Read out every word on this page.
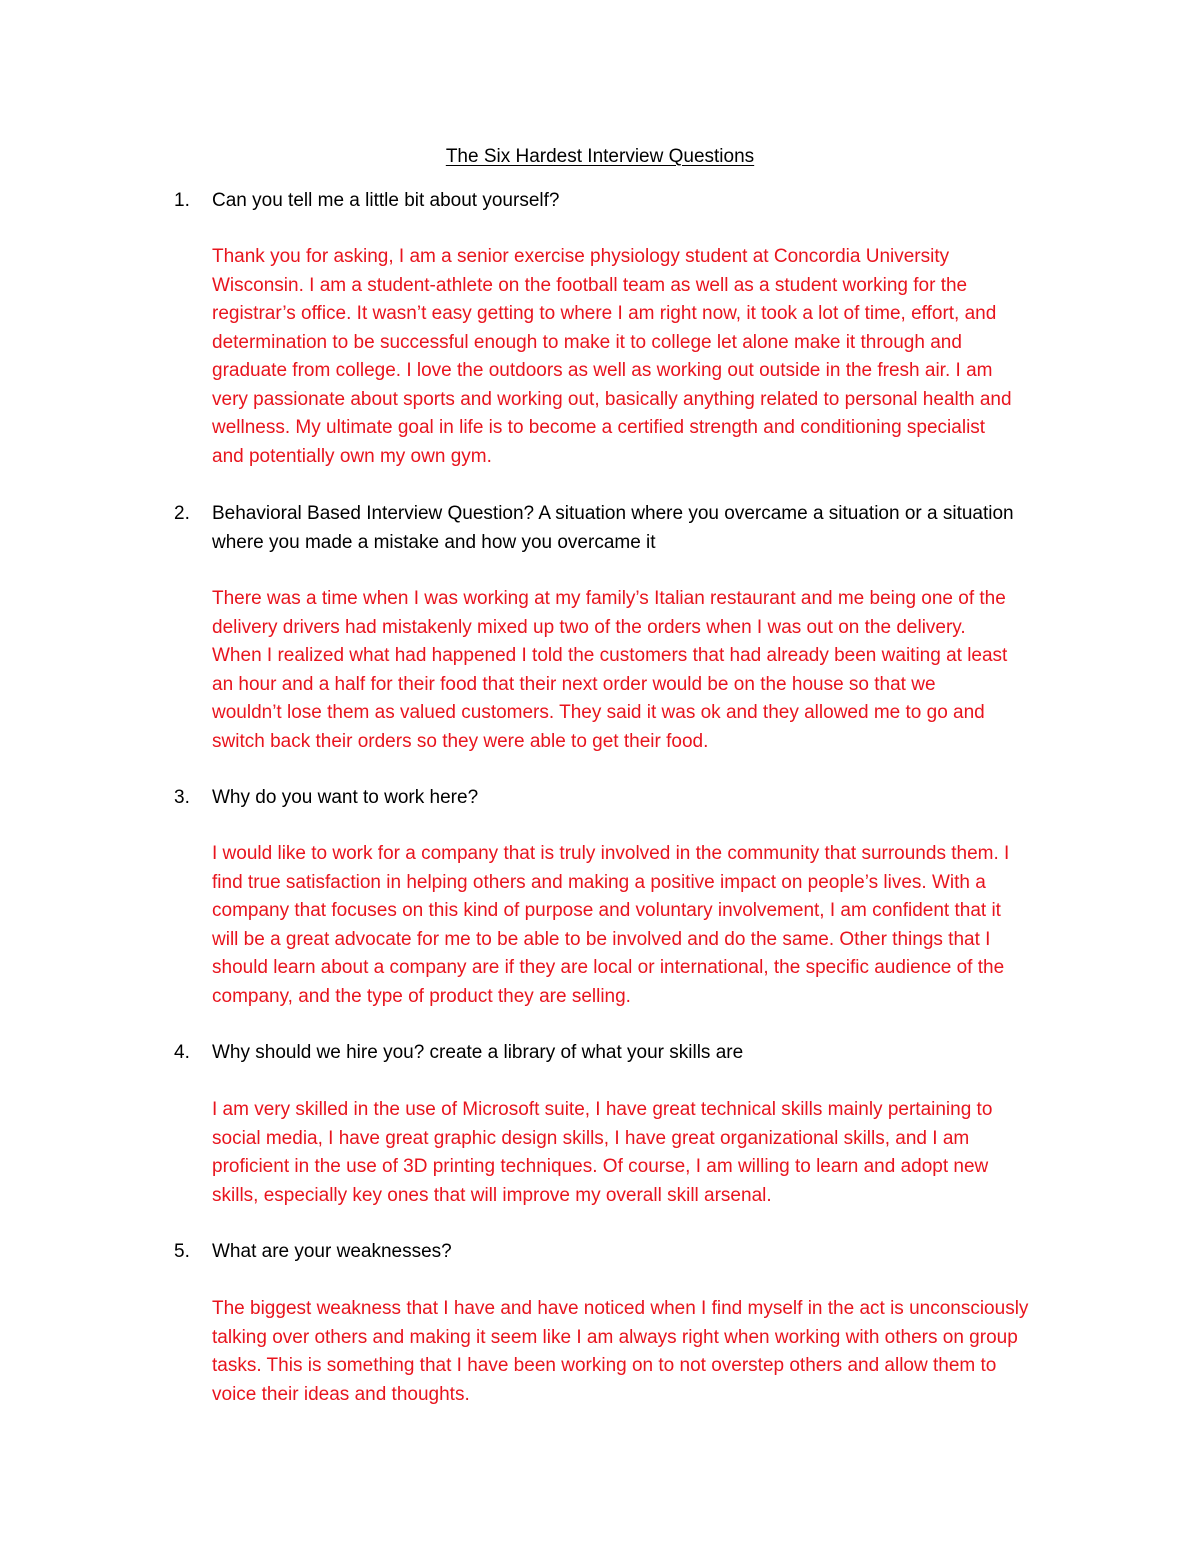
The Six Hardest Interview Questions
1. Can you tell me a little bit about yourself?

Thank you for asking, I am a senior exercise physiology student at Concordia University
Wisconsin. I am a student-athlete on the football team as well as a student working for the
registrar’s office. It wasn’t easy getting to where I am right now, it took a lot of time, effort, and
determination to be successful enough to make it to college let alone make it through and
graduate from college. I love the outdoors as well as working out outside in the fresh air. I am
very passionate about sports and working out, basically anything related to personal health and
wellness. My ultimate goal in life is to become a certified strength and conditioning specialist
and potentially own my own gym.

2. Behavioral Based Interview Question? A situation where you overcame a situation or a situation
where you made a mistake and how you overcame it

There was a time when I was working at my family’s Italian restaurant and me being one of the
delivery drivers had mistakenly mixed up two of the orders when I was out on the delivery.
When I realized what had happened I told the customers that had already been waiting at least
an hour and a half for their food that their next order would be on the house so that we
wouldn’t lose them as valued customers. They said it was ok and they allowed me to go and
switch back their orders so they were able to get their food.

3. Why do you want to work here?

I would like to work for a company that is truly involved in the community that surrounds them. I
find true satisfaction in helping others and making a positive impact on people’s lives. With a
company that focuses on this kind of purpose and voluntary involvement, I am confident that it
will be a great advocate for me to be able to be involved and do the same. Other things that I
should learn about a company are if they are local or international, the specific audience of the
company, and the type of product they are selling.

4. Why should we hire you? create a library of what your skills are

I am very skilled in the use of Microsoft suite, I have great technical skills mainly pertaining to
social media, I have great graphic design skills, I have great organizational skills, and I am
proficient in the use of 3D printing techniques. Of course, I am willing to learn and adopt new
skills, especially key ones that will improve my overall skill arsenal.

5. What are your weaknesses?

The biggest weakness that I have and have noticed when I find myself in the act is unconsciously
talking over others and making it seem like I am always right when working with others on group
tasks. This is something that I have been working on to not overstep others and allow them to
voice their ideas and thoughts.
